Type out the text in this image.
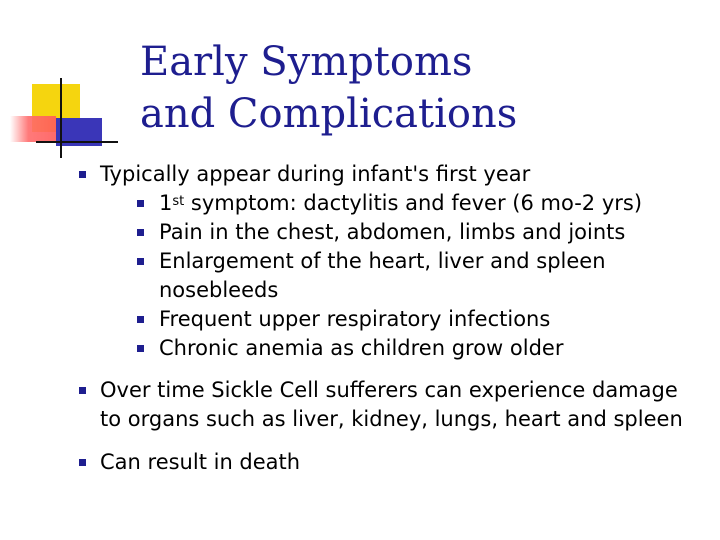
Early Symptoms
and Complications
Typically appear during infant's first year
1st symptom: dactylitis and fever (6 mo-2 yrs)
Pain in the chest, abdomen, limbs and joints
Enlargement of the heart, liver and spleen
nosebleeds
Frequent upper respiratory infections
Chronic anemia as children grow older
Over time Sickle Cell sufferers can experience damage
to organs such as liver, kidney, lungs, heart and spleen
Can result in death
